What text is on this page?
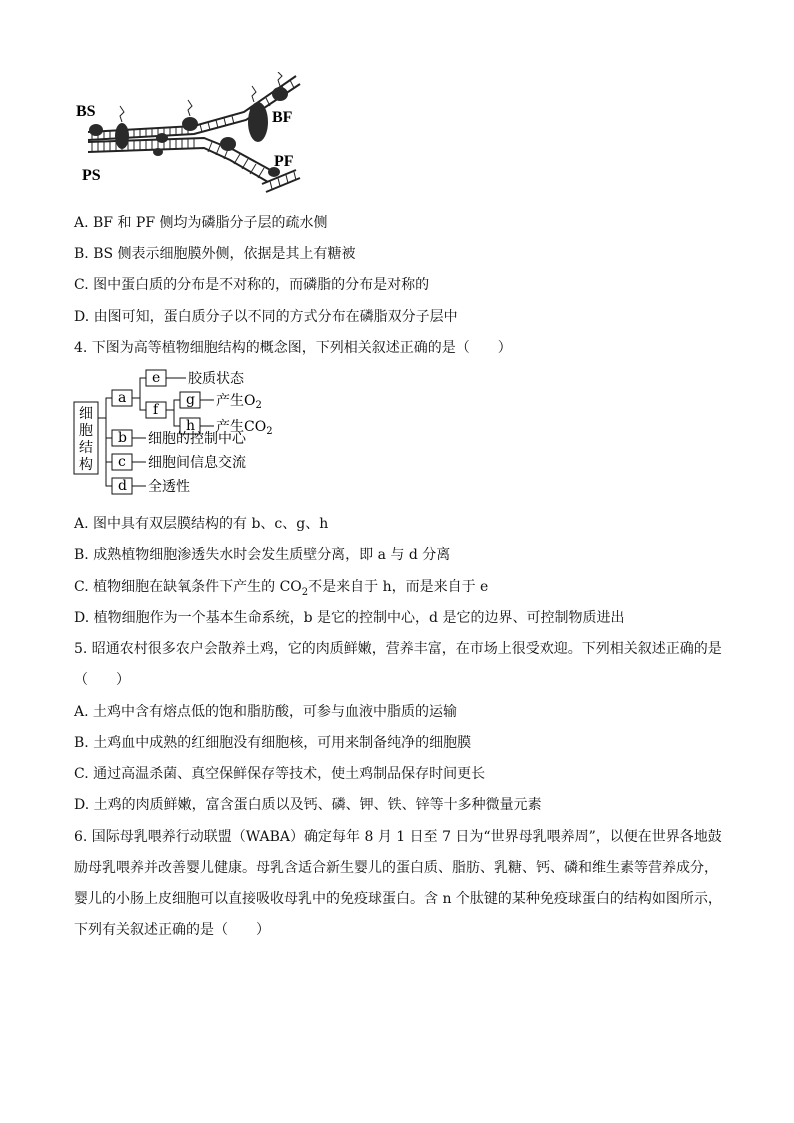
BS	BF
PS
PF
A. BF 和 PF 侧均为磷脂分子层的疏水侧
B. BS 侧表示细胞膜外侧，依据是其上有糖被
C. 图中蛋白质的分布是不对称的，而磷脂的分布是对称的
D. 由图可知，蛋白质分子以不同的方式分布在磷脂双分子层中
4. 下图为高等植物细胞结构的概念图，下列相关叙述正确的是（　　）
细胞结构
a
b
c
d
e
f
g
h
胶质状态
产生$O_2$
产生$CO_2$
细胞的控制中心
细胞间信息交流
全透性
A. 图中具有双层膜结构的有 b、c、g、h
B. 成熟植物细胞渗透失水时会发生质壁分离，即 a 与 d 分离
C. 植物细胞在缺氧条件下产生的 $CO_2$不是来自于 h，而是来自于 e
D. 植物细胞作为一个基本生命系统，b 是它的控制中心，d 是它的边界、可控制物质进出
5. 昭通农村很多农户会散养土鸡，它的肉质鲜嫩，营养丰富，在市场上很受欢迎。下列相关叙述正确的是
（　　）
A. 土鸡中含有熔点低的饱和脂肪酸，可参与血液中脂质的运输
B. 土鸡血中成熟的红细胞没有细胞核，可用来制备纯净的细胞膜
C. 通过高温杀菌、真空保鲜保存等技术，使土鸡制品保存时间更长
D. 土鸡的肉质鲜嫩，富含蛋白质以及钙、磷、钾、铁、锌等十多种微量元素
6. 国际母乳喂养行动联盟（WABA）确定每年 8 月 1 日至 7 日为“世界母乳喂养周”，以便在世界各地鼓
励母乳喂养并改善婴儿健康。母乳含适合新生婴儿的蛋白质、脂肪、乳糖、钙、磷和维生素等营养成分，
婴儿的小肠上皮细胞可以直接吸收母乳中的免疫球蛋白。含 n 个肽键的某种免疫球蛋白的结构如图所示，
下列有关叙述正确的是（　　）
